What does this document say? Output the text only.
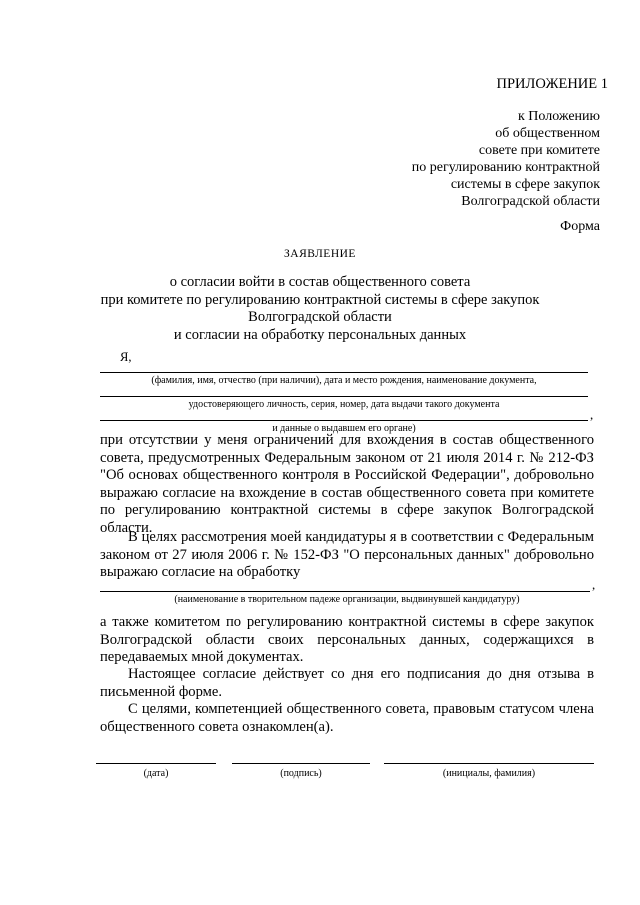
ПРИЛОЖЕНИЕ 1
к Положению
об общественном
совете при комитете
по регулированию контрактной
системы в сфере закупок
Волгоградской области
Форма
ЗАЯВЛЕНИЕ
о согласии войти в состав общественного совета
при комитете по регулированию контрактной системы в сфере закупок
Волгоградской области
и согласии на обработку персональных данных
Я,
(фамилия, имя, отчество (при наличии), дата и место рождения, наименование документа,
удостоверяющего личность, серия, номер, дата выдачи такого документа
,
и данные о выдавшем его органе)
при отсутствии у меня ограничений для вхождения в состав общественного совета, предусмотренных Федеральным законом от 21 июля 2014 г. № 212-ФЗ "Об основах общественного контроля в Российской Федерации", добровольно выражаю согласие на вхождение в состав общественного совета при комитете по регулированию контрактной системы в сфере закупок Волгоградской области.
В целях рассмотрения моей кандидатуры я в соответствии с Федеральным законом от 27 июля 2006 г. № 152-ФЗ "О персональных данных" добровольно выражаю согласие на обработку
,
(наименование в творительном падеже организации, выдвинувшей кандидатуру)
а также комитетом по регулированию контрактной системы в сфере закупок Волгоградской области своих персональных данных, содержащихся в передаваемых мной документах.
Настоящее согласие действует со дня его подписания до дня отзыва в письменной форме.
С целями, компетенцией общественного совета, правовым статусом члена общественного совета ознакомлен(а).
(дата)	(подпись)	(инициалы, фамилия)
